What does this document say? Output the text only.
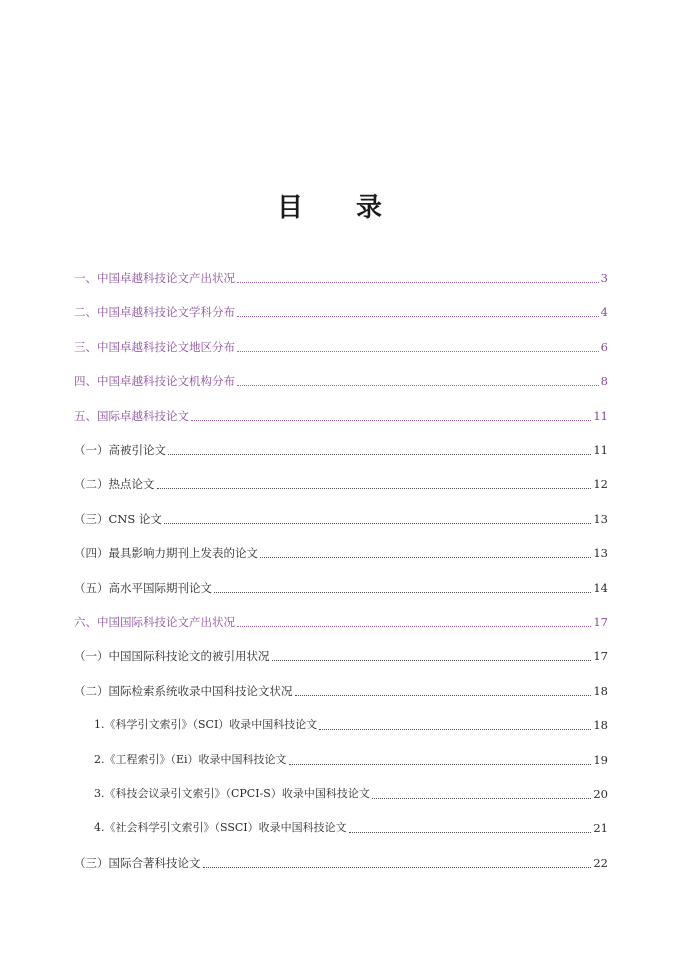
目 录
一、中国卓越科技论文产出状况	3
二、中国卓越科技论文学科分布	4
三、中国卓越科技论文地区分布	6
四、中国卓越科技论文机构分布	8
五、国际卓越科技论文	11
（一）高被引论文	11
（二）热点论文	12
（三）CNS 论文	13
（四）最具影响力期刊上发表的论文	13
（五）高水平国际期刊论文	14
六、中国国际科技论文产出状况	17
（一）中国国际科技论文的被引用状况	17
（二）国际检索系统收录中国科技论文状况	18
1.《科学引文索引》（SCI）收录中国科技论文	18
2.《工程索引》（Ei）收录中国科技论文	19
3.《科技会议录引文索引》（CPCI-S）收录中国科技论文	20
4.《社会科学引文索引》（SSCI）收录中国科技论文	21
（三）国际合著科技论文	22
